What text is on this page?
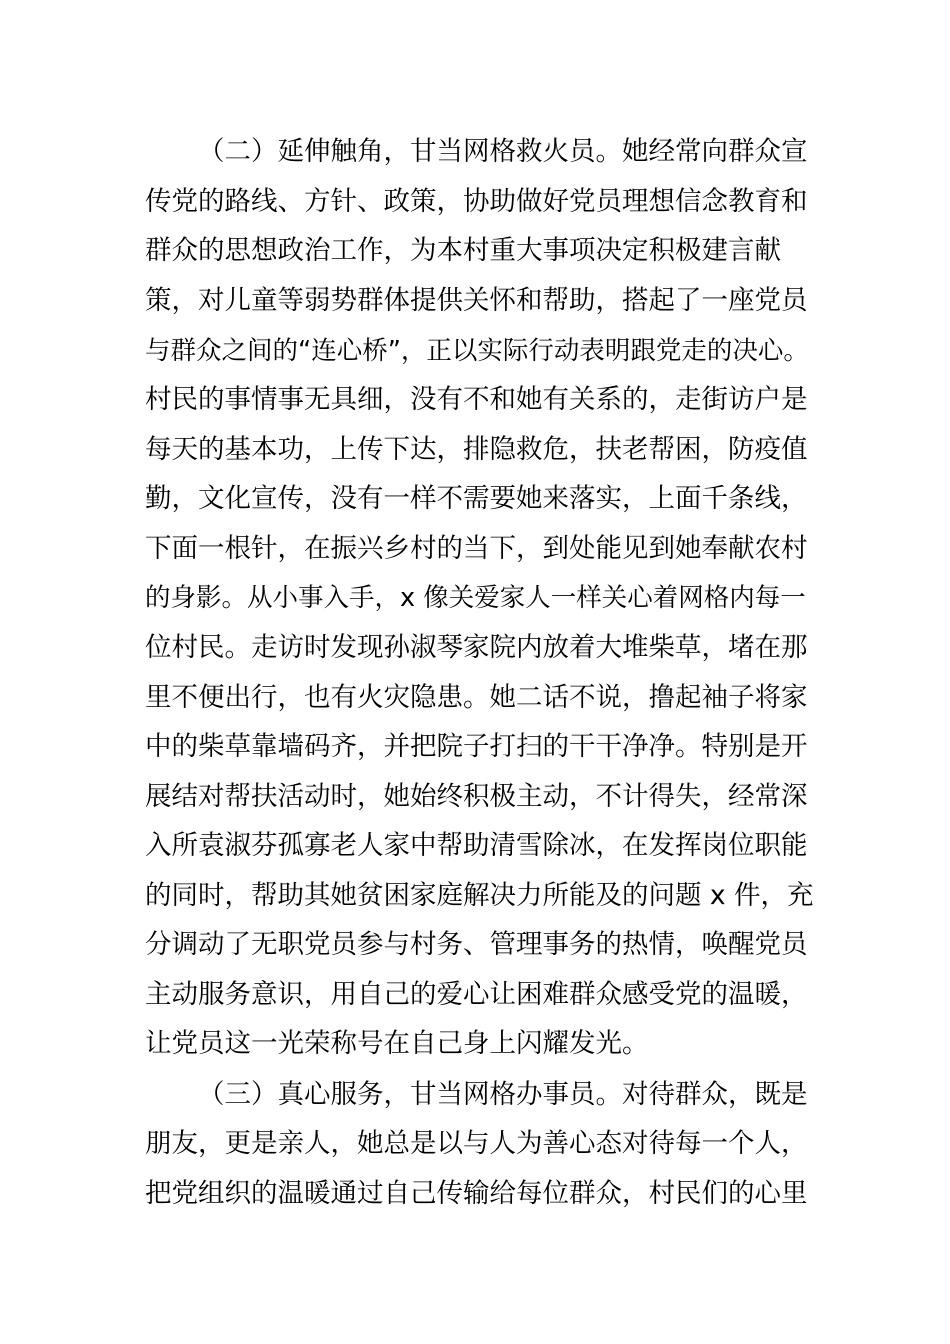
（二）延伸触角，甘当网格救火员。她经常向群众宣
传党的路线、方针、政策，协助做好党员理想信念教育和
群众的思想政治工作，为本村重大事项决定积极建言献
策，对儿童等弱势群体提供关怀和帮助，搭起了一座党员
与群众之间的“连心桥”，正以实际行动表明跟党走的决心。
村民的事情事无具细，没有不和她有关系的，走街访户是
每天的基本功，上传下达，排隐救危，扶老帮困，防疫值
勤，文化宣传，没有一样不需要她来落实，上面千条线，
下面一根针，在振兴乡村的当下，到处能见到她奉献农村
的身影。从小事入手，x 像关爱家人一样关心着网格内每一
位村民。走访时发现孙淑琴家院内放着大堆柴草，堵在那
里不便出行，也有火灾隐患。她二话不说，撸起袖子将家
中的柴草靠墙码齐，并把院子打扫的干干净净。特别是开
展结对帮扶活动时，她始终积极主动，不计得失，经常深
入所袁淑芬孤寡老人家中帮助清雪除冰，在发挥岗位职能
的同时，帮助其她贫困家庭解决力所能及的问题 x 件，充
分调动了无职党员参与村务、管理事务的热情，唤醒党员
主动服务意识，用自己的爱心让困难群众感受党的温暖，
让党员这一光荣称号在自己身上闪耀发光。
（三）真心服务，甘当网格办事员。对待群众，既是
朋友，更是亲人，她总是以与人为善心态对待每一个人，
把党组织的温暖通过自己传输给每位群众，村民们的心里
